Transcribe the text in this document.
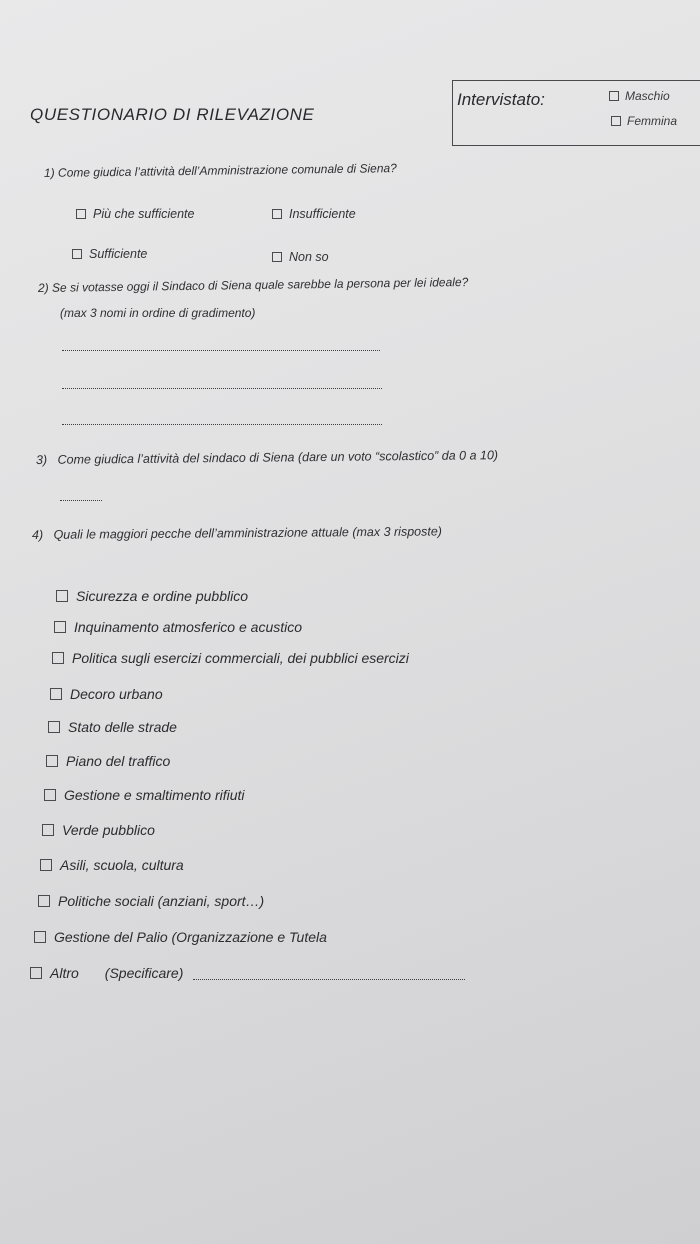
QUESTIONARIO DI RILEVAZIONE
Intervistato:	Maschio
Femmina
1) Come giudica l’attività dell’Amministrazione comunale di Siena?
Più che sufficiente	Insufficiente
Sufficiente	Non so
2) Se si votasse oggi il Sindaco di Siena quale sarebbe la persona per lei ideale?
(max 3 nomi in ordine di gradimento)
3) Come giudica l’attività del sindaco di Siena (dare un voto “scolastico” da 0 a 10)
4) Quali le maggiori pecche dell’amministrazione attuale (max 3 risposte)
Sicurezza e ordine pubblico
Inquinamento atmosferico e acustico
Politica sugli esercizi commerciali, dei pubblici esercizi
Decoro urbano
Stato delle strade
Piano del traffico
Gestione e smaltimento rifiuti
Verde pubblico
Asili, scuola, cultura
Politiche sociali (anziani, sport…)
Gestione del Palio (Organizzazione e Tutela
Altro (Specificare)
